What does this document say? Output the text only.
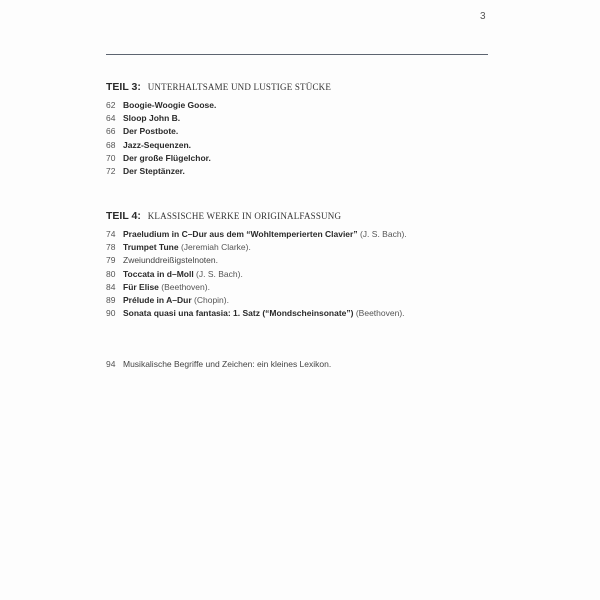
3
TEIL 3: UNTERHALTSAME UND LUSTIGE STÜCKE
62 Boogie-Woogie Goose.
64 Sloop John B.
66 Der Postbote.
68 Jazz-Sequenzen.
70 Der große Flügelchor.
72 Der Steptänzer.
TEIL 4: KLASSISCHE WERKE IN ORIGINALFASSUNG
74 Praeludium in C–Dur aus dem “Wohltemperierten Clavier” (J. S. Bach).
78 Trumpet Tune (Jeremiah Clarke).
79 Zweiunddreißigstelnoten.
80 Toccata in d–Moll (J. S. Bach).
84 Für Elise (Beethoven).
89 Prélude in A–Dur (Chopin).
90 Sonata quasi una fantasia: 1. Satz (“Mondscheinsonate”) (Beethoven).
94 Musikalische Begriffe und Zeichen: ein kleines Lexikon.
